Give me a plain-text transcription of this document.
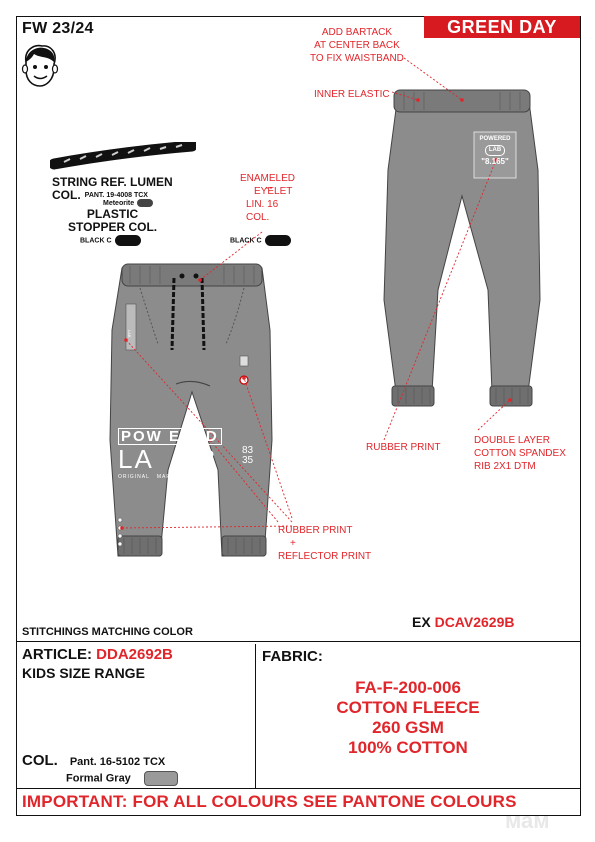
FW 23/24	GREEN DAY
STRING REF. LUMEN
COL. PANT. 19-4008 TCX
Meteorite
PLASTIC
STOPPER COL.
BLACK C
ENAMELED
EYELET
LIN. 16
COL.
BLACK C
ADD BARTACK
AT CENTER BACK
TO FIX WAISTBAND
INNER ELASTIC
RUBBER PRINT
DOUBLE LAYER
COTTON SPANDEX
RIB 2X1 DTM
RUBBER PRINT
+
REFLECTOR PRINT
POW ERED
LA     B 83
35
ORIGINAL   MARINES
POWERED
LAB
"8.165"
LAB
EX DCAV2629B
STITCHINGS MATCHING COLOR
ARTICLE: DDA2692B
KIDS SIZE RANGE
COL. Pant. 16-5102 TCX
Formal Gray
FABRIC:
FA-F-200-006
COTTON FLEECE
260 GSM
100% COTTON
IMPORTANT: FOR ALL COLOURS SEE PANTONE COLOURS
мам
